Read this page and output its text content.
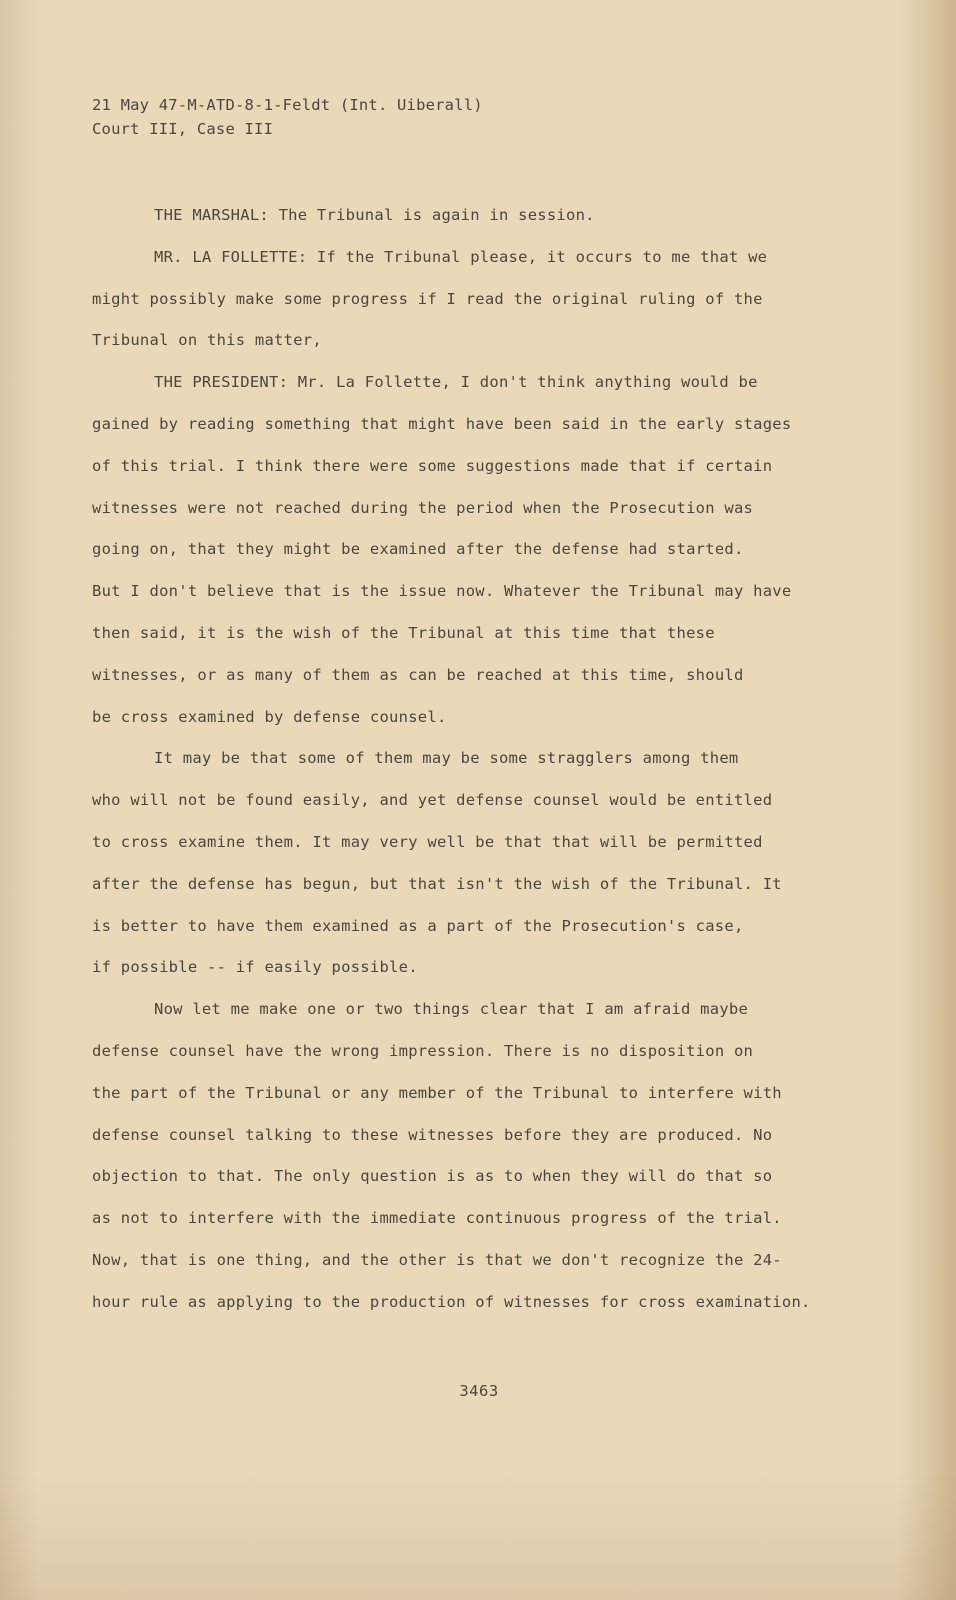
21 May 47-M-ATD-8-1-Feldt (Int. Uiberall)
Court III, Case III
THE MARSHAL: The Tribunal is again in session.
MR. LA FOLLETTE: If the Tribunal please, it occurs to me that we
might possibly make some progress if I read the original ruling of the
Tribunal on this matter,
THE PRESIDENT: Mr. La Follette, I don't think anything would be
gained by reading something that might have been said in the early stages
of this trial. I think there were some suggestions made that if certain
witnesses were not reached during the period when the Prosecution was
going on, that they might be examined after the defense had started.
But I don't believe that is the issue now. Whatever the Tribunal may have
then said, it is the wish of the Tribunal at this time that these
witnesses, or as many of them as can be reached at this time, should
be cross examined by defense counsel.
It may be that some of them may be some stragglers among them
who will not be found easily, and yet defense counsel would be entitled
to cross examine them. It may very well be that that will be permitted
after the defense has begun, but that isn't the wish of the Tribunal. It
is better to have them examined as a part of the Prosecution's case,
if possible -- if easily possible.
Now let me make one or two things clear that I am afraid maybe
defense counsel have the wrong impression. There is no disposition on
the part of the Tribunal or any member of the Tribunal to interfere with
defense counsel talking to these witnesses before they are produced. No
objection to that. The only question is as to when they will do that so
as not to interfere with the immediate continuous progress of the trial.
Now, that is one thing, and the other is that we don't recognize the 24-
hour rule as applying to the production of witnesses for cross examination.
3463
